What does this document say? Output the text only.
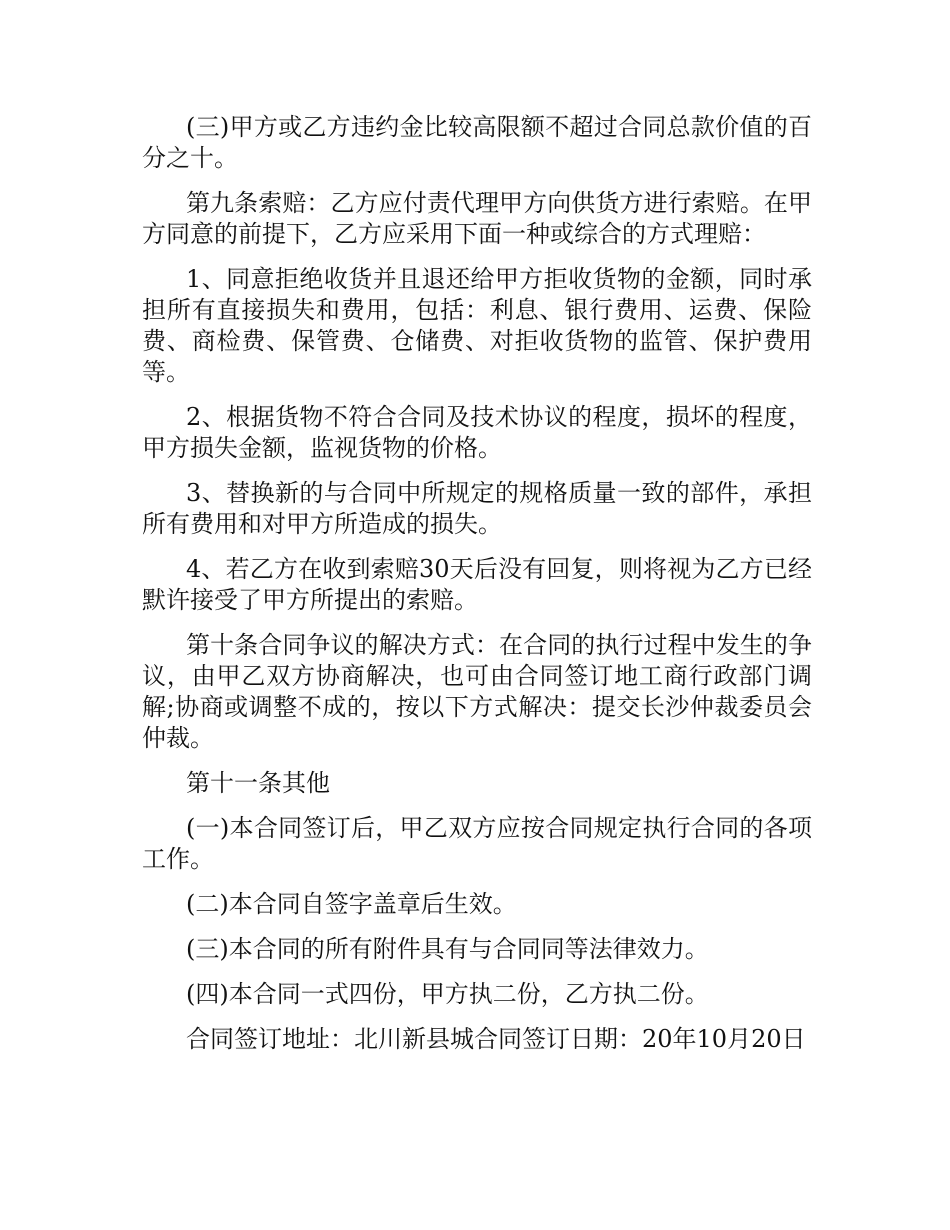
(三)甲方或乙方违约金比较高限额不超过合同总款价值的百分之十。

第九条索赔：乙方应付责代理甲方向供货方进行索赔。在甲方同意的前提下，乙方应采用下面一种或综合的方式理赔：

1、同意拒绝收货并且退还给甲方拒收货物的金额，同时承担所有直接损失和费用，包括：利息、银行费用、运费、保险费、商检费、保管费、仓储费、对拒收货物的监管、保护费用等。

2、根据货物不符合合同及技术协议的程度，损坏的程度，甲方损失金额，监视货物的价格。

3、替换新的与合同中所规定的规格质量一致的部件，承担所有费用和对甲方所造成的损失。

4、若乙方在收到索赔30天后没有回复，则将视为乙方已经默许接受了甲方所提出的索赔。

第十条合同争议的解决方式：在合同的执行过程中发生的争议，由甲乙双方协商解决，也可由合同签订地工商行政部门调解;协商或调整不成的，按以下方式解决：提交长沙仲裁委员会仲裁。

第十一条其他

(一)本合同签订后，甲乙双方应按合同规定执行合同的各项工作。

(二)本合同自签字盖章后生效。

(三)本合同的所有附件具有与合同同等法律效力。

(四)本合同一式四份，甲方执二份，乙方执二份。

合同签订地址：北川新县城合同签订日期：20年10月20日
